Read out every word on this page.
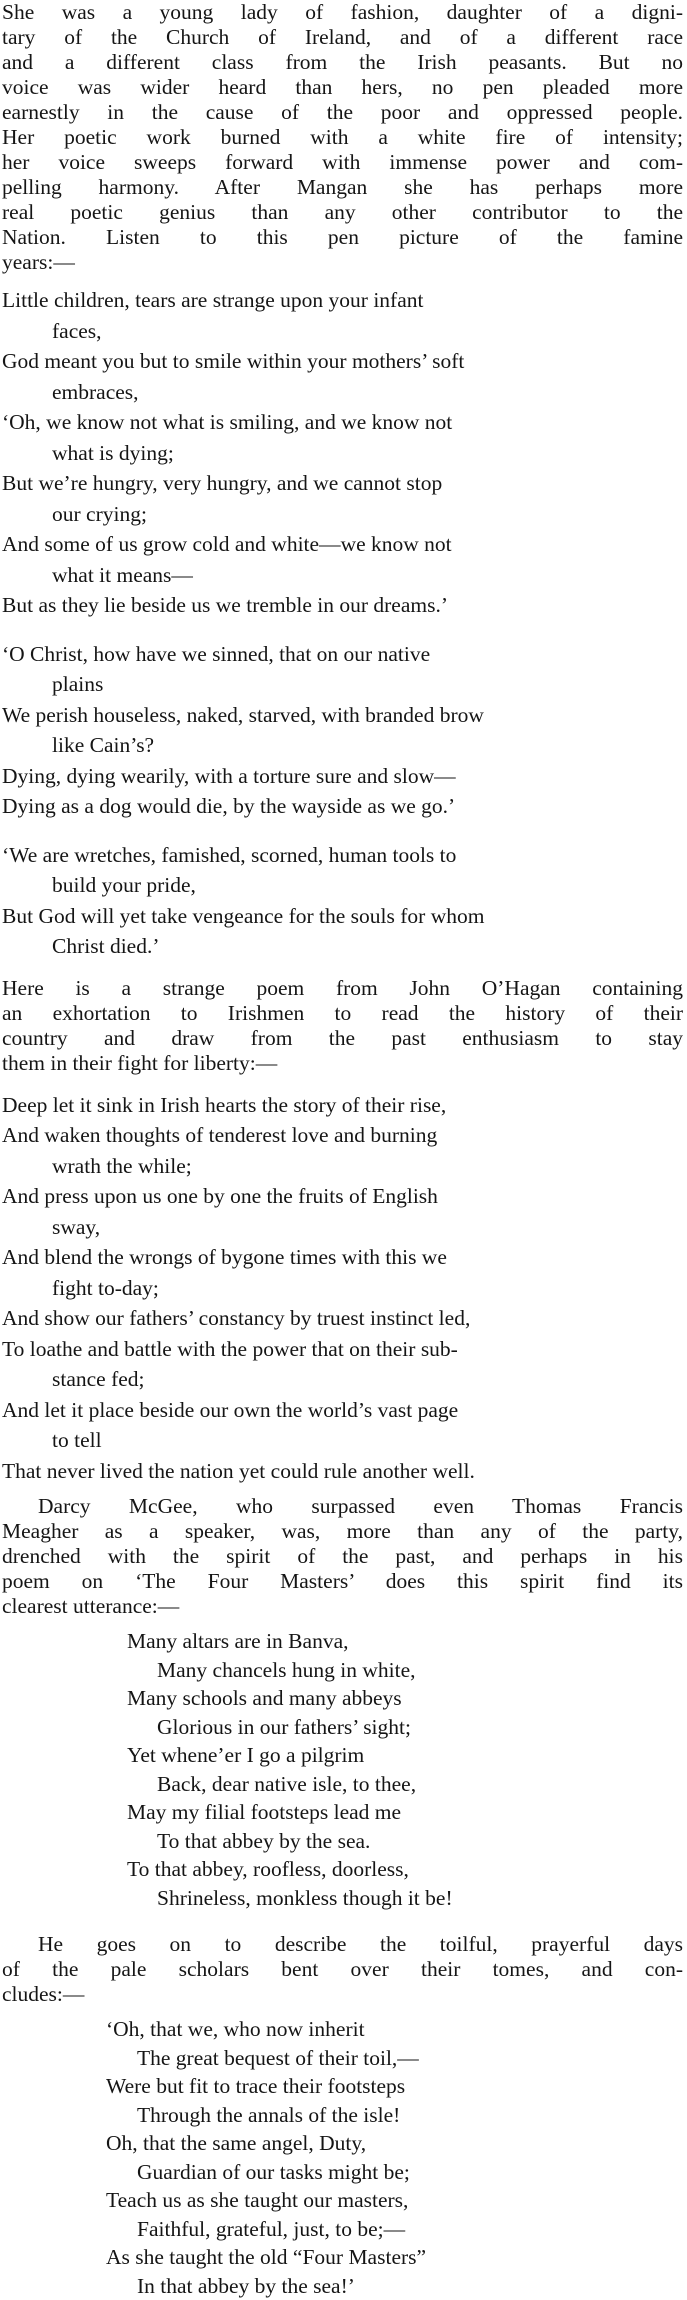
She was a young lady of fashion, daughter of a digni-
tary of the Church of Ireland, and of a different race
and a different class from the Irish peasants. But no
voice was wider heard than hers, no pen pleaded more
earnestly in the cause of the poor and oppressed people.
Her poetic work burned with a white fire of intensity;
her voice sweeps forward with immense power and com-
pelling harmony. After Mangan she has perhaps more
real poetic genius than any other contributor to the
Nation. Listen to this pen picture of the famine
years:—
Little children, tears are strange upon your infant
faces,
God meant you but to smile within your mothers’ soft
embraces,
‘Oh, we know not what is smiling, and we know not
what is dying;
But we’re hungry, very hungry, and we cannot stop
our crying;
And some of us grow cold and white—we know not
what it means—
But as they lie beside us we tremble in our dreams.’
‘O Christ, how have we sinned, that on our native
plains
We perish houseless, naked, starved, with branded brow
like Cain’s?
Dying, dying wearily, with a torture sure and slow—
Dying as a dog would die, by the wayside as we go.’
‘We are wretches, famished, scorned, human tools to
build your pride,
But God will yet take vengeance for the souls for whom
Christ died.’
Here is a strange poem from John O’Hagan containing
an exhortation to Irishmen to read the history of their
country and draw from the past enthusiasm to stay
them in their fight for liberty:—
Deep let it sink in Irish hearts the story of their rise,
And waken thoughts of tenderest love and burning
wrath the while;
And press upon us one by one the fruits of English
sway,
And blend the wrongs of bygone times with this we
fight to-day;
And show our fathers’ constancy by truest instinct led,
To loathe and battle with the power that on their sub-
stance fed;
And let it place beside our own the world’s vast page
to tell
That never lived the nation yet could rule another well.
Darcy McGee, who surpassed even Thomas Francis
Meagher as a speaker, was, more than any of the party,
drenched with the spirit of the past, and perhaps in his
poem on ‘The Four Masters’ does this spirit find its
clearest utterance:—
Many altars are in Banva,
Many chancels hung in white,
Many schools and many abbeys
Glorious in our fathers’ sight;
Yet whene’er I go a pilgrim
Back, dear native isle, to thee,
May my filial footsteps lead me
To that abbey by the sea.
To that abbey, roofless, doorless,
Shrineless, monkless though it be!
He goes on to describe the toilful, prayerful days
of the pale scholars bent over their tomes, and con-
cludes:—
‘Oh, that we, who now inherit
The great bequest of their toil,—
Were but fit to trace their footsteps
Through the annals of the isle!
Oh, that the same angel, Duty,
Guardian of our tasks might be;
Teach us as she taught our masters,
Faithful, grateful, just, to be;—
As she taught the old “Four Masters”
In that abbey by the sea!’
